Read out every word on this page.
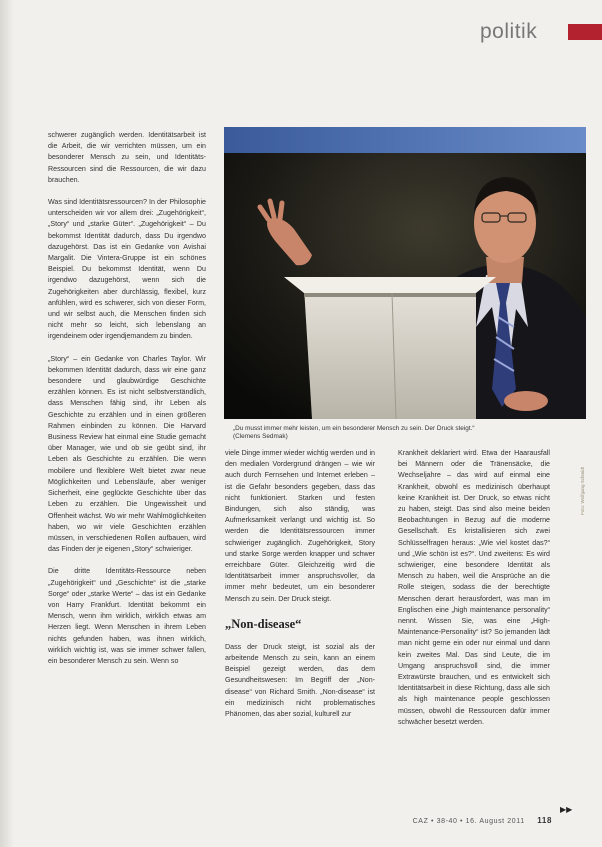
politik
Foto: Wolfgang Schmidt
„Du musst immer mehr leisten, um ein besonderer Mensch zu sein. Der Druck steigt.“
(Clemens Sedmak)

schwerer zugänglich werden. Identitätsarbeit ist die Arbeit, die wir verrichten müssen, um ein besonderer Mensch zu sein, und Identitäts-Ressourcen sind die Ressourcen, die wir dazu brauchen.

Was sind Identitätsressourcen? In der Philosophie unterscheiden wir vor allem drei: „Zugehörigkeit“, „Story“ und „starke Güter“. „Zugehörigkeit“ – Du bekommst Identität dadurch, dass Du irgendwo dazugehörst. Das ist ein Gedanke von Avishai Margalit. Die Vintera-Gruppe ist ein schönes Beispiel. Du bekommst Identität, wenn Du irgendwo dazugehörst, wenn sich die Zugehörigkeiten aber durchlässig, flexibel, kurz anfühlen, wird es schwerer, sich von dieser Form, und wir selbst auch, die Menschen finden sich nicht mehr so leicht, sich lebenslang an irgendeinem oder irgendjemandem zu binden.

„Story“ – ein Gedanke von Charles Taylor. Wir bekommen Identität dadurch, dass wir eine ganz besondere und glaubwürdige Geschichte erzählen können. Es ist nicht selbstverständlich, dass Menschen fähig sind, ihr Leben als Geschichte zu erzählen und in einen größeren Rahmen einbinden zu können. Die Harvard Business Review hat einmal eine Studie gemacht über Manager, wie und ob sie geübt sind, ihr Leben als Geschichte zu erzählen. Die wenn mobilere und flexiblere Welt bietet zwar neue Möglichkeiten und Lebensläufe, aber weniger Sicherheit, eine geglückte Geschichte über das Leben zu erzählen. Die Ungewissheit und Offenheit wächst. Wo wir mehr Wahlmöglichkeiten haben, wo wir viele Geschichten erzählen müssen, in verschiedenen Rollen aufbauen, wird das Finden der je eigenen „Story“ schwieriger.

Die dritte Identitäts-Ressource neben „Zugehörigkeit“ und „Geschichte“ ist die „starke Sorge“ oder „starke Werte“ – das ist ein Gedanke von Harry Frankfurt. Identität bekommt ein Mensch, wenn ihm wirklich, wirklich etwas am Herzen liegt. Wenn Menschen in ihrem Leben nichts gefunden haben, was ihnen wirklich, wirklich wichtig ist, was sie immer schwer fallen, ein besonderer Mensch zu sein. Wenn so

viele Dinge immer wieder wichtig werden und in den medialen Vordergrund drängen – wie wir auch durch Fernsehen und Internet erleben – ist die Gefahr besonders gegeben, dass das nicht funktioniert. Starken und festen Bindungen, sich also ständig, was Aufmerksamkeit verlangt und wichtig ist. So werden die Identitätsressourcen immer schwieriger zugänglich. Zugehörigkeit, Story und starke Sorge werden knapper und schwer erreichbare Güter. Gleichzeitig wird die Identitätsarbeit immer anspruchsvoller, da immer mehr bedeutet, um ein besonderer Mensch zu sein. Der Druck steigt.

„Non-disease“

Dass der Druck steigt, ist sozial als der arbeitende Mensch zu sein, kann an einem Beispiel gezeigt werden, das dem Gesundheitswesen: Im Begriff der „Non-disease“ von Richard Smith. „Non-disease“ ist ein medizinisch nicht problematisches Phänomen, das aber sozial, kulturell zur

Krankheit deklariert wird. Etwa der Haarausfall bei Männern oder die Tränensäcke, die Wechseljahre – das wird auf einmal eine Krankheit, obwohl es medizinisch überhaupt keine Krankheit ist. Der Druck, so etwas nicht zu haben, steigt. Das sind also meine beiden Beobachtungen in Bezug auf die moderne Gesellschaft. Es kristallisieren sich zwei Schlüsselfragen heraus: „Wie viel kostet das?“ und „Wie schön ist es?“. Und zweitens: Es wird schwieriger, eine besondere Identität als Mensch zu haben, weil die Ansprüche an die Rolle steigen, sodass die der berechtigte Menschen derart herausfordert, was man im Englischen eine „high maintenance personality“ nennt. Wissen Sie, was eine „High-Maintenance-Personality“ ist? So jemanden lädt man nicht gerne ein oder nur einmal und dann kein zweites Mal. Das sind Leute, die im Umgang anspruchsvoll sind, die immer Extrawürste brauchen, und es entwickelt sich Identitätsarbeit in diese Richtung, dass alle sich als high maintenance people geschlossen müssen, obwohl die Ressourcen dafür immer schwächer besetzt werden.

▶▶
CAZ • 38-40 • 16. August 2011 118
